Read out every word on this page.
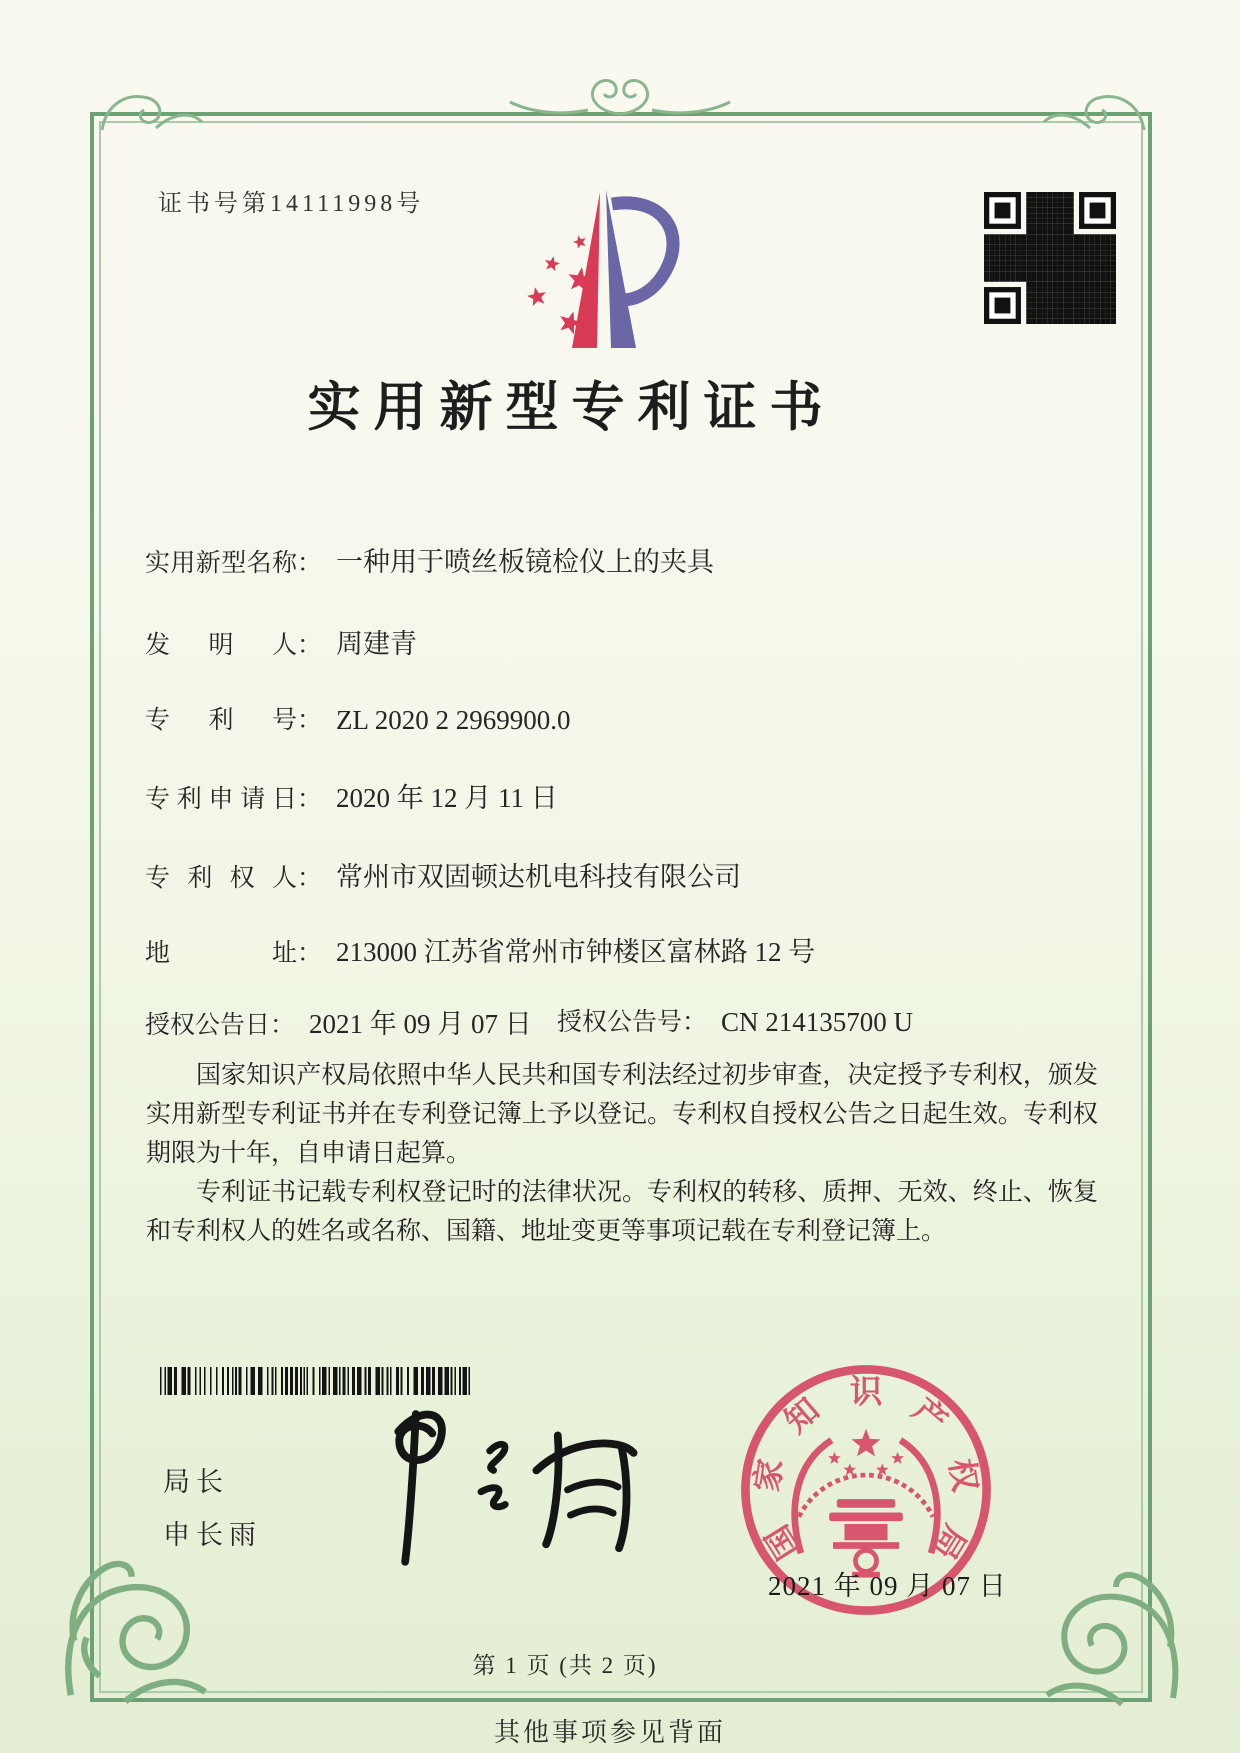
证书号第14111998号
实用新型专利证书
实用新型名称： 一种用于喷丝板镜检仪上的夹具
发明人： 周建青
专利号： ZL 2020 2 2969900.0
专利申请日： 2020 年 12 月 11 日
专利权人： 常州市双固顿达机电科技有限公司
地址： 213000 江苏省常州市钟楼区富林路 12 号
授权公告日： 2021 年 09 月 07 日 授权公告号： CN 214135700 U

国家知识产权局依照中华人民共和国专利法经过初步审查，决定授予专利权，颁发实用新型专利证书并在专利登记簿上予以登记。专利权自授权公告之日起生效。专利权期限为十年，自申请日起算。

专利证书记载专利权登记时的法律状况。专利权的转移、质押、无效、终止、恢复和专利权人的姓名或名称、国籍、地址变更等事项记载在专利登记簿上。

局长
申长雨	国
家
知 识 产
权
局
2021 年 09 月 07 日
第 1 页 (共 2 页)
其他事项参见背面
